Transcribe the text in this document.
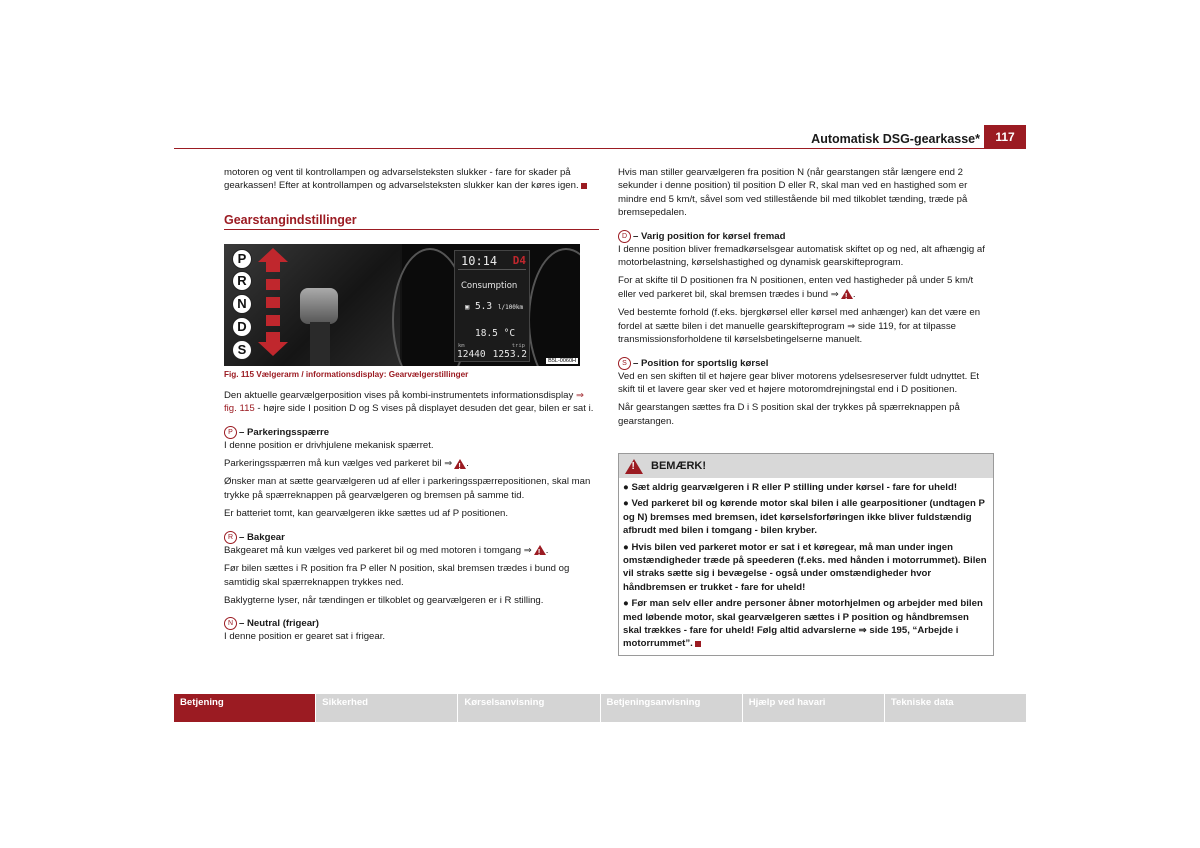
Automatisk DSG-gearkasse*	117

motoren og vent til kontrollampen og advarselsteksten slukker - fare for skader på gearkassen! Efter at kontrollampen og advarselsteksten slukker kan der køres igen.

Gearstangindstillinger
P
R
N
D
S
10:14 D4
Consumption
▣ 5.3 l/100km
18.5 °C
km	trip
12440 1253.2
B5L-0060H
Fig. 115 Vælgerarm / informationsdisplay: Gearvælgerstillinger

Den aktuelle gearvælgerposition vises på kombi-instrumentets informationsdisplay ⇒ fig. 115 - højre side I position D og S vises på displayet desuden det gear, bilen er sat i.

P – Parkeringsspærre

I denne position er drivhjulene mekanisk spærret.

Parkeringsspærren må kun vælges ved parkeret bil ⇒ ! .

Ønsker man at sætte gearvælgeren ud af eller i parkeringsspærrepositionen, skal man trykke på spærreknappen på gearvælgeren og bremsen på samme tid.

Er batteriet tomt, kan gearvælgeren ikke sættes ud af P positionen.

R – Bakgear

Bakgearet må kun vælges ved parkeret bil og med motoren i tomgang ⇒ ! .

Før bilen sættes i R position fra P eller N position, skal bremsen trædes i bund og samtidig skal spærreknappen trykkes ned.

Baklygterne lyser, når tændingen er tilkoblet og gearvælgeren er i R stilling.

N – Neutral (frigear)

I denne position er gearet sat i frigear.

Hvis man stiller gearvælgeren fra position N (når gearstangen står længere end 2 sekunder i denne position) til position D eller R, skal man ved en hastighed som er mindre end 5 km/t, såvel som ved stillestående bil med tilkoblet tænding, træde på bremsepedalen.

D – Varig position for kørsel fremad

I denne position bliver fremadkørselsgear automatisk skiftet op og ned, alt afhængig af motorbelastning, kørselshastighed og dynamisk gearskifteprogram.

For at skifte til D positionen fra N positionen, enten ved hastigheder på under 5 km/t eller ved parkeret bil, skal bremsen trædes i bund ⇒ ! .

Ved bestemte forhold (f.eks. bjergkørsel eller kørsel med anhænger) kan det være en fordel at sætte bilen i det manuelle gearskifteprogram ⇒ side 119, for at tilpasse transmissionsforholdene til kørselsbetingelserne manuelt.

S – Position for sportslig kørsel

Ved en sen skiften til et højere gear bliver motorens ydelsesreserver fuldt udnyttet. Et skift til et lavere gear sker ved et højere motoromdrejningstal end i D positionen.

Når gearstangen sættes fra D i S position skal der trykkes på spærreknappen på gearstangen.

!
BEMÆRK!

● Sæt aldrig gearvælgeren i R eller P stilling under kørsel - fare for uheld!

● Ved parkeret bil og kørende motor skal bilen i alle gearpositioner (undtagen P og N) bremses med bremsen, idet kørselsforføringen ikke bliver fuldstændig afbrudt med bilen i tomgang - bilen kryber.

● Hvis bilen ved parkeret motor er sat i et køregear, må man under ingen omstændigheder træde på speederen (f.eks. med hånden i motorrummet). Bilen vil straks sætte sig i bevægelse - også under omstændigheder hvor håndbremsen er trukket - fare for uheld!

● Før man selv eller andre personer åbner motorhjelmen og arbejder med bilen med løbende motor, skal gearvælgeren sættes i P position og håndbremsen skal trækkes - fare for uheld! Følg altid advarslerne ⇒ side 195, “Arbejde i motorrummet”.

Betjening	Sikkerhed	Kørselsanvisning	Betjeningsanvisning	Hjælp ved havari	Tekniske data
